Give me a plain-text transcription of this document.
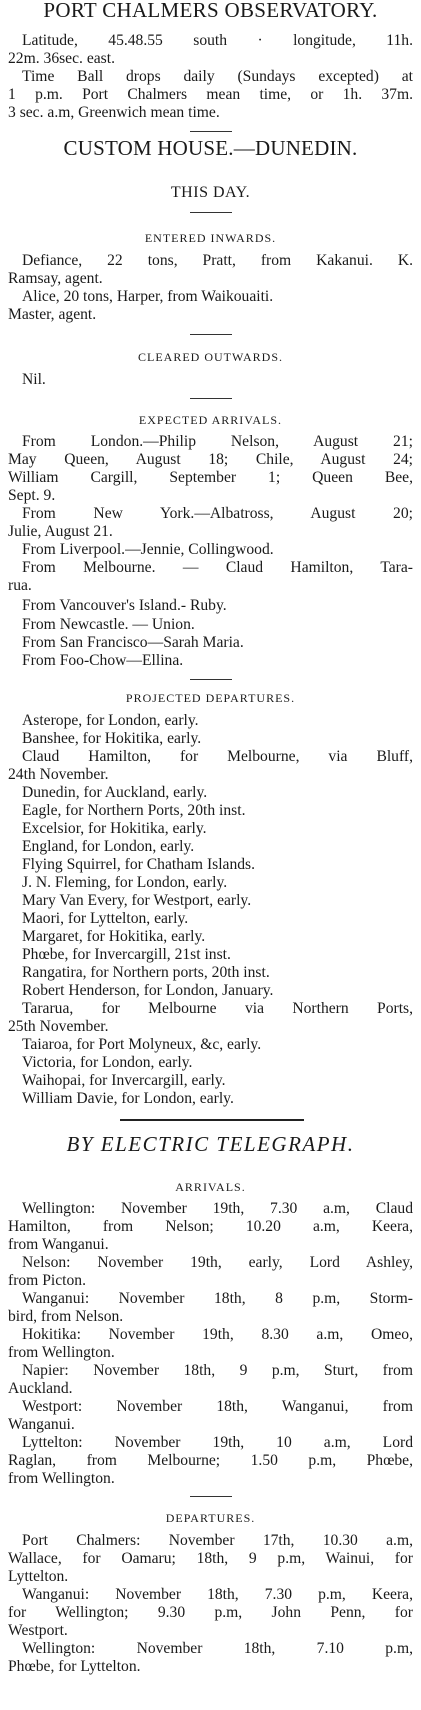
PORT CHALMERS OBSERVATORY.
Latitude, 45.48.55 south · longitude, 11h.
22m. 36sec. east.
Time Ball drops daily (Sundays excepted) at
1 p.m. Port Chalmers mean time, or 1h. 37m.
3 sec. a.m, Greenwich mean time.
CUSTOM HOUSE.—DUNEDIN.
THIS DAY.
ENTERED INWARDS.
Defiance, 22 tons, Pratt, from Kakanui. K.
Ramsay, agent.
Alice, 20 tons, Harper, from Waikouaiti.
Master, agent.
CLEARED OUTWARDS.
Nil.
EXPECTED ARRIVALS.
From London.—Philip Nelson, August 21;
May Queen, August 18; Chile, August 24;
William Cargill, September 1; Queen Bee,
Sept. 9.
From New York.—Albatross, August 20;
Julie, August 21.
From Liverpool.—Jennie, Collingwood.
From Melbourne. — Claud Hamilton, Tara-
rua.
From Vancouver's Island.- Ruby.
From Newcastle. — Union.
From San Francisco—Sarah Maria.
From Foo-Chow—Ellina.
PROJECTED DEPARTURES.
Asterope, for London, early.
Banshee, for Hokitika, early.
Claud Hamilton, for Melbourne, via Bluff,
24th November.
Dunedin, for Auckland, early.
Eagle, for Northern Ports, 20th inst.
Excelsior, for Hokitika, early.
England, for London, early.
Flying Squirrel, for Chatham Islands.
J. N. Fleming, for London, early.
Mary Van Every, for Westport, early.
Maori, for Lyttelton, early.
Margaret, for Hokitika, early.
Phœbe, for Invercargill, 21st inst.
Rangatira, for Northern ports, 20th inst.
Robert Henderson, for London, January.
Tararua, for Melbourne via Northern Ports,
25th November.
Taiaroa, for Port Molyneux, &c, early.
Victoria, for London, early.
Waihopai, for Invercargill, early.
William Davie, for London, early.
BY ELECTRIC TELEGRAPH.
ARRIVALS.
Wellington: November 19th, 7.30 a.m, Claud
Hamilton, from Nelson; 10.20 a.m, Keera,
from Wanganui.
Nelson: November 19th, early, Lord Ashley,
from Picton.
Wanganui: November 18th, 8 p.m, Storm-
bird, from Nelson.
Hokitika: November 19th, 8.30 a.m, Omeo,
from Wellington.
Napier: November 18th, 9 p.m, Sturt, from
Auckland.
Westport: November 18th, Wanganui, from
Wanganui.
Lyttelton: November 19th, 10 a.m, Lord
Raglan, from Melbourne; 1.50 p.m, Phœbe,
from Wellington.
DEPARTURES.
Port Chalmers: November 17th, 10.30 a.m,
Wallace, for Oamaru; 18th, 9 p.m, Wainui, for
Lyttelton.
Wanganui: November 18th, 7.30 p.m, Keera,
for Wellington; 9.30 p.m, John Penn, for
Westport.
Wellington: November 18th, 7.10 p.m,
Phœbe, for Lyttelton.
